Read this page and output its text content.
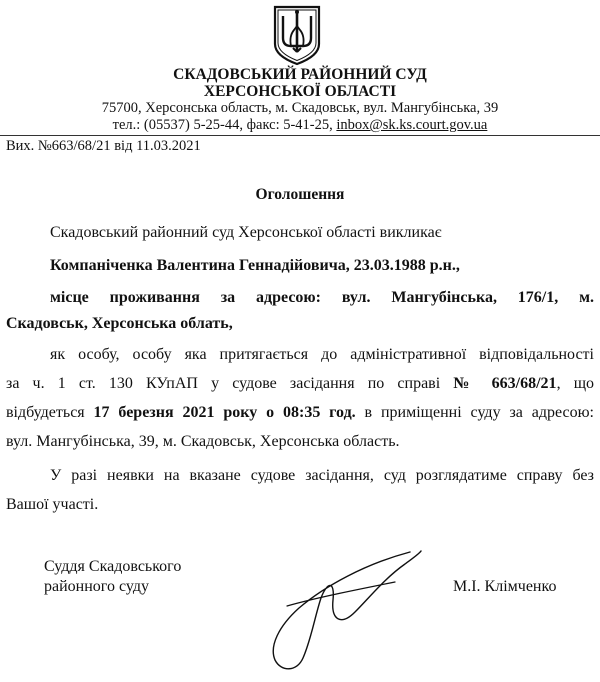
СКАДОВСЬКИЙ РАЙОННИЙ СУД
ХЕРСОНСЬКОЇ ОБЛАСТІ
75700, Херсонська область, м. Скадовськ, вул. Мангубінська, 39
тел.: (05537) 5-25-44, факс: 5-41-25, inbox@sk.ks.court.gov.ua
Вих. №663/68/21 від 11.03.2021
Оголошення

Скадовський районний суд Херсонської області викликає

Компаніченка Валентина Геннадійовича, 23.03.1988 р.н.,

місце проживання за адресою: вул. Мангубінська, 176/1, м.

Скадовськ, Херсонська облать,

як особу, особу яка притягається до адміністративної відповідальності

за ч. 1 ст. 130 КУпАП у судове засідання по справі № 663/68/21, що

відбудеться 17 березня 2021 року о 08:35 год. в приміщенні суду за адресою:

вул. Мангубінська, 39, м. Скадовськ, Херсонська область.

У разі неявки на вказане судове засідання, суд розглядатиме справу без

Вашої участі.

Суддя Скадовського
районного суду	М.І. Клімченко
